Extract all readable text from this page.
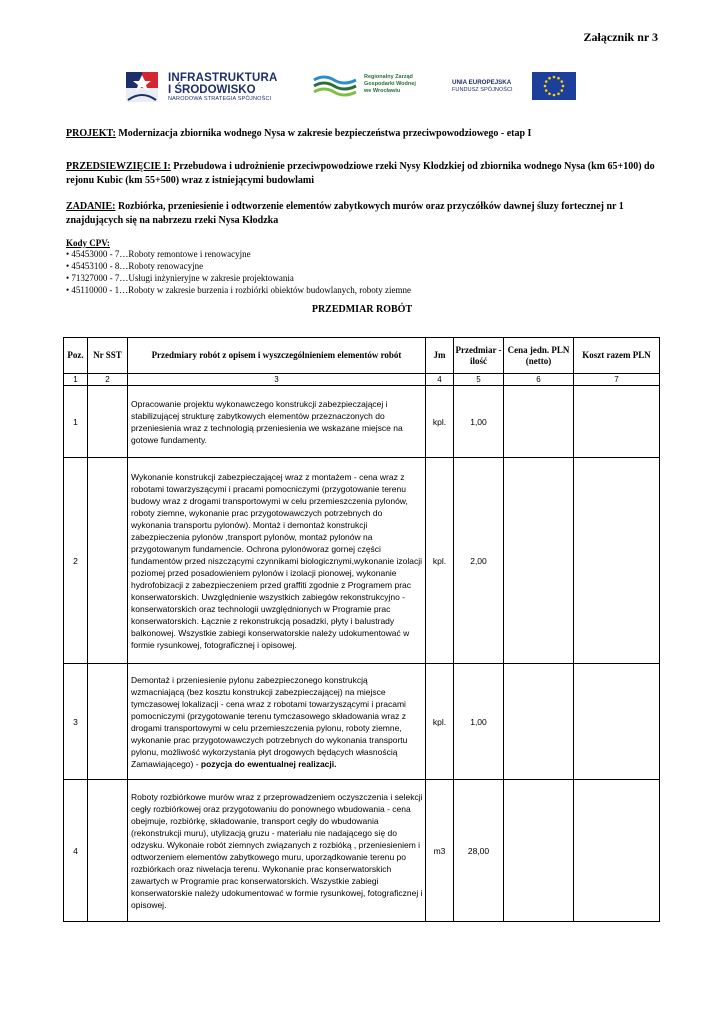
Załącznik nr 3
INFRASTRUKTURA
I ŚRODOWISKO
NARODOWA STRATEGIA SPÓJNOŚCI
Regionalny Zarząd
Gospodarki Wodnej
we Wrocławiu
UNIA EUROPEJSKA
FUNDUSZ SPÓJNOŚCI
PROJEKT: Modernizacja zbiornika wodnego Nysa w zakresie bezpieczeństwa przeciwpowodziowego - etap I
PRZEDSIEWZIĘCIE I: Przebudowa i udrożnienie przeciwpowodziowe rzeki Nysy Kłodzkiej od zbiornika wodnego Nysa (km 65+100) do rejonu Kubic (km 55+500) wraz z istniejącymi budowlami
ZADANIE: Rozbiórka, przeniesienie i odtworzenie elementów zabytkowych murów oraz przyczółków dawnej śluzy fortecznej nr 1 znajdujących się na nabrzezu rzeki Nysa Kłodzka
Kody CPV:
• 45453000 - 7…Roboty remontowe i renowacyjne
• 45453100 - 8…Roboty renowacyjne
• 71327000 - 7…Usługi inżynieryjne w zakresie projektowania
• 45110000 - 1…Roboty w zakresie burzenia i rozbiórki obiektów budowlanych, roboty ziemne
PRZEDMIAR ROBÓT
Poz.	Nr SST	Przedmiary robót z opisem i wyszczególnieniem elementów robót	Jm	Przedmiar -
ilość	Cena jedn. PLN
(netto)	Koszt razem PLN
1	2	3	4	5	6	7
1		Opracowanie projektu wykonawczego konstrukcji zabezpieczającej i stabilizującej strukturę zabytkowych elementów przeznaczonych do przeniesienia wraz z technologią przeniesienia we wskazane miejsce na gotowe fundamenty.	kpl.	1,00		
2		Wykonanie konstrukcji zabezpieczającej wraz z montażem - cena wraz z robotami towarzyszącymi i pracami pomocniczymi (przygotowanie terenu budowy wraz z drogami transportowymi w celu przemieszczenia pylonów, roboty ziemne, wykonanie prac przygotowawczych potrzebnych do wykonania transportu pylonów). Montaż i demontaż konstrukcji zabezpieczenia pylonów ,transport pylonów, montaż pylonów na przygotowanym fundamencie. Ochrona pylonóworaz gornej części fundamentów przed niszczącymi czynnikami biologicznymi,wykonanie izolacji poziomej przed posadowieniem pylonów i izolacji pionowej, wykonanie hydrofobizacji z zabezpieczeniem przed graffiti zgodnie z Programem prac konserwatorskich. Uwzględnienie wszystkich zabiegów rekonstrukcyjno - konserwatorskich oraz technologii uwzględnionych w Programie prac konserwatorskich. Łącznie z rekonstrukcją posadzki, płyty i balustrady balkonowej. Wszystkie zabiegi konserwatorskie należy udokumentować w formie rysunkowej, fotograficznej i opisowej.	kpl.	2,00		
3		Demontaż i przeniesienie pylonu zabezpieczonego konstrukcją wzmacniającą (bez kosztu konstrukcji zabezpieczającej) na miejsce tymczasowej lokalizacji - cena wraz z robotami towarzyszącymi i pracami pomocniczymi (przygotowanie terenu tymczasowego składowania wraz z drogami transportowymi w celu przemieszczenia pylonu, roboty ziemne, wykonanie prac przygotowawczych potrzebnych do wykonania transportu pylonu, możliwość wykorzystania płyt drogowych będących własnością Zamawiającego) - pozycja do ewentualnej realizacji.	kpl.	1,00		
4		Roboty rozbiórkowe murów wraz z przeprowadzeniem oczyszczenia i selekcji cegły rozbiórkowej oraz przygotowaniu do ponownego wbudowania - cena obejmuje, rozbiórkę, składowanie, transport cegły do wbudowania (rekonstrukcji muru), utylizacją gruzu - materiału nie nadającego się do odzysku. Wykonaie robót ziemnych związanych z rozbióką , przeniesieniem i odtworzeniem elementów zabytkowego muru, uporządkowanie terenu po rozbiórkach oraz niwelacja terenu. Wykonanie prac konserwatorskich zawartych w Programie prac konserwatorskich. Wszystkie zabiegi konserwatorskie należy udokumentować w formie rysunkowej, fotograficznej i opisowej.	m3	28,00		
